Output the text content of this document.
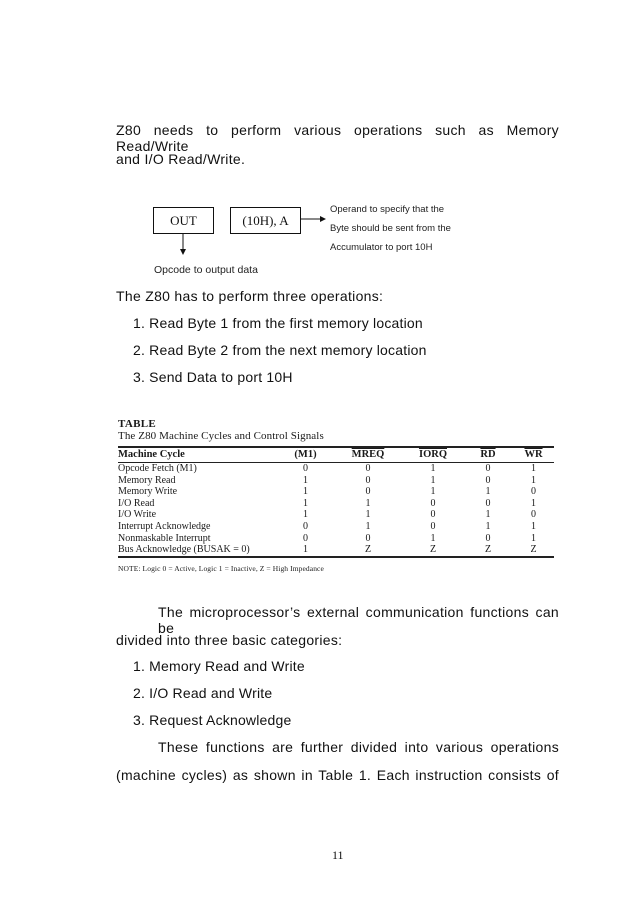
Z80 needs to perform various operations such as Memory Read/Write
and I/O Read/Write.
OUT	(10H), A
Operand to specify that the
Byte should be sent from the
Accumulator to port 10H
Opcode to output data
The Z80 has to perform three operations:
1. Read Byte 1 from the first memory location
2. Read Byte 2 from the next memory location
3. Send Data to port 10H
TABLE
The Z80 Machine Cycles and Control Signals
Machine Cycle	(M1)	MREQ	IORQ	$\overline{RD}$	$\overline{WR}$
Opcode Fetch (M1)	0	0	1	0	1
Memory Read	1	0	1	0	1
Memory Write	1	0	1	1	0
I/O Read	1	1	0	0	1
I/O Write	1	1	0	1	0
Interrupt Acknowledge	0	1	0	1	1
Nonmaskable Interrupt	0	0	1	0	1
Bus Acknowledge (BUSAK = 0)	1	Z	Z	Z	Z
NOTE: Logic 0 = Active, Logic 1 = Inactive, Z = High Impedance
The microprocessor’s external communication functions can be
divided into three basic categories:
1. Memory Read and Write
2. I/O Read and Write
3. Request Acknowledge
These functions are further divided into various operations
(machine cycles) as shown in Table 1. Each instruction consists of
11
